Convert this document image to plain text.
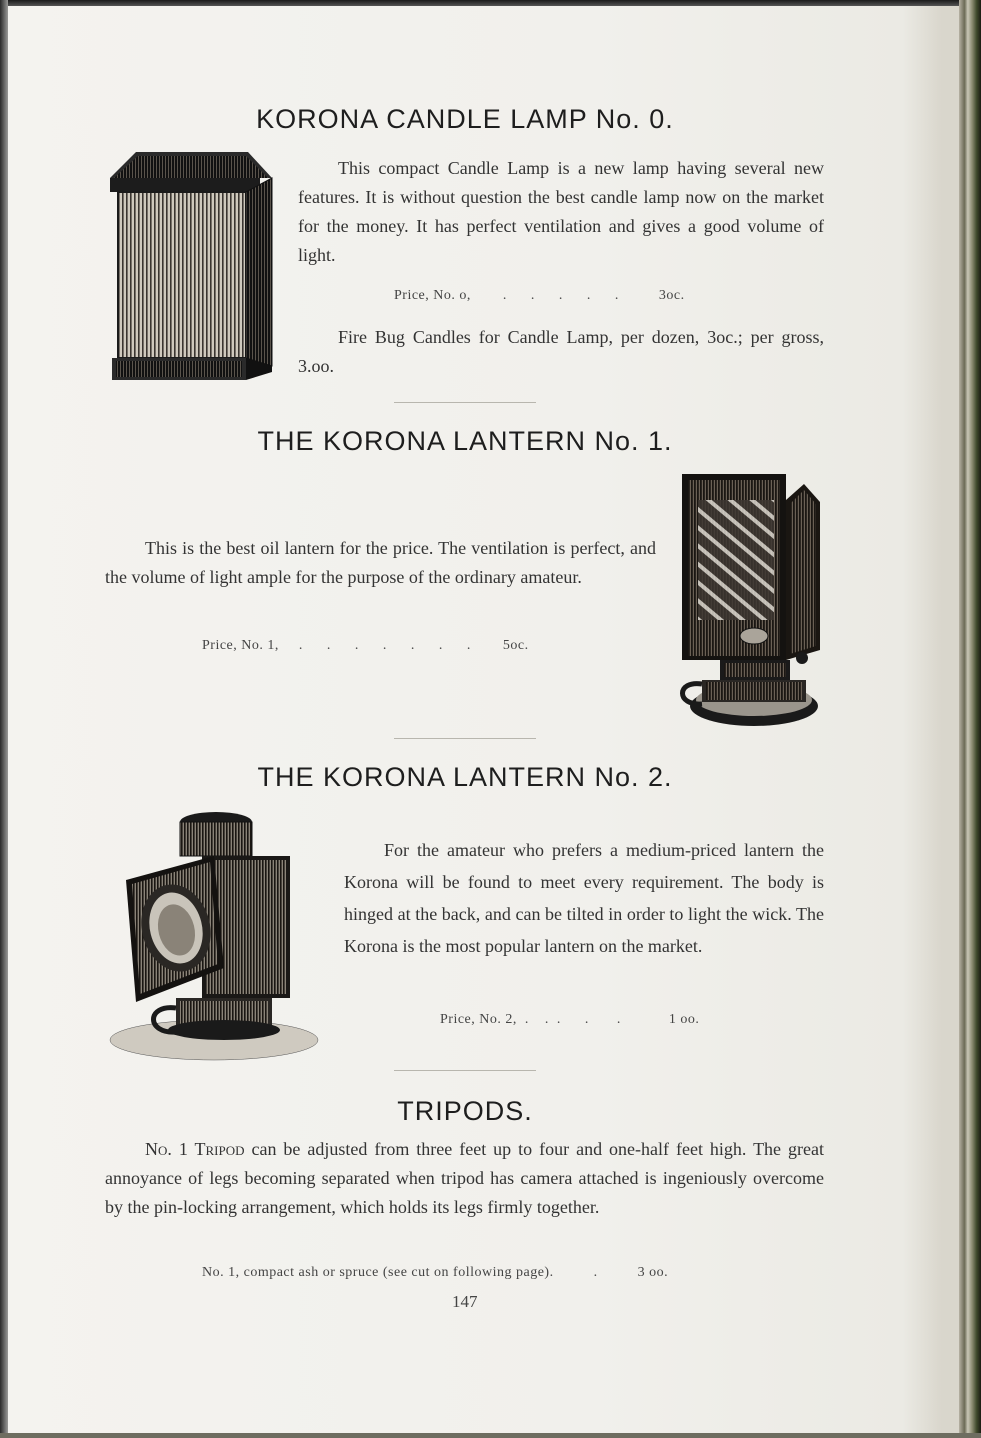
KORONA CANDLE LAMP No. 0.

This compact Candle Lamp is a new lamp having several new features. It is without question the best candle lamp now on the market for the money. It has perfect ventilation and gives a good volume of light.

Price, No. o,        .      .      .      .      .          3oc.

Fire Bug Candles for Candle Lamp, per dozen, 3oc.; per gross, 3.oo.

THE KORONA LANTERN No. 1.

This is the best oil lantern for the price. The ventilation is perfect, and the volume of light ample for the purpose of the ordinary amateur.

Price, No. 1,     .      .      .      .      .      .      .        5oc.
THE KORONA LANTERN No. 2.

For the amateur who prefers a medium-priced lantern the Korona will be found to meet every requirement. The body is hinged at the back, and can be tilted in order to light the wick. The Korona is the most popular lantern on the market.

Price, No. 2,  .    .  .      .       .            1 oo.
TRIPODS.

No. 1 Tripod can be adjusted from three feet up to four and one-half feet high. The great annoyance of legs becoming separated when tripod has camera attached is ingeniously overcome by the pin-locking arrangement, which holds its legs firmly together.

No. 1, compact ash or spruce (see cut on following page).          .          3 oo.
147
